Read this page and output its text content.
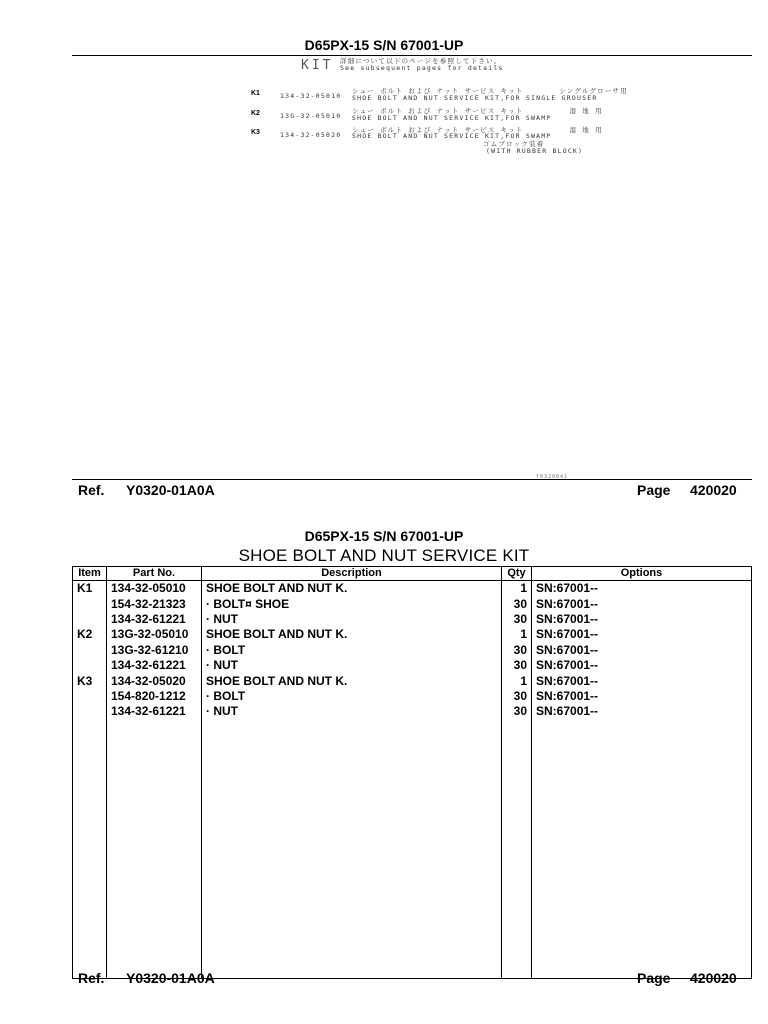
D65PX-15 S/N 67001-UP
KIT 詳細について以下のページを参照して下さい。
See subsequent pages for details
シュー ボルト および ナット サービス キット       シングルグローサ用
K1	134-32-05010 SHOE BOLT AND NUT SERVICE KIT,FOR SINGLE GROUSER
シュー ボルト および ナット サービス キット         湿 地 用
K2	13G-32-05010 SHOE BOLT AND NUT SERVICE KIT,FOR SWAMP
シュー ボルト および ナット サービス キット         湿 地 用
K3	134-32-05020 SHOE BOLT AND NUT SERVICE KIT,FOR SWAMP
ゴムブロック装着
(WITH RUBBER BLOCK)
Y0320041
Ref. Y0320-01A0A	Page 420020
D65PX-15 S/N 67001-UP
SHOE BOLT AND NUT SERVICE KIT
Item	Part No.	Description	Qty	Options
K1	134-32-05010	SHOE BOLT AND NUT K.	1	SN:67001--
	154-32-21323	· BOLT¤ SHOE	30	SN:67001--
	134-32-61221	· NUT	30	SN:67001--
K2	13G-32-05010	SHOE BOLT AND NUT K.	1	SN:67001--
	13G-32-61210	· BOLT	30	SN:67001--
	134-32-61221	· NUT	30	SN:67001--
K3	134-32-05020	SHOE BOLT AND NUT K.	1	SN:67001--
	154-820-1212	· BOLT	30	SN:67001--
	134-32-61221	· NUT	30	SN:67001--

Ref. Y0320-01A0A	Page 420020
